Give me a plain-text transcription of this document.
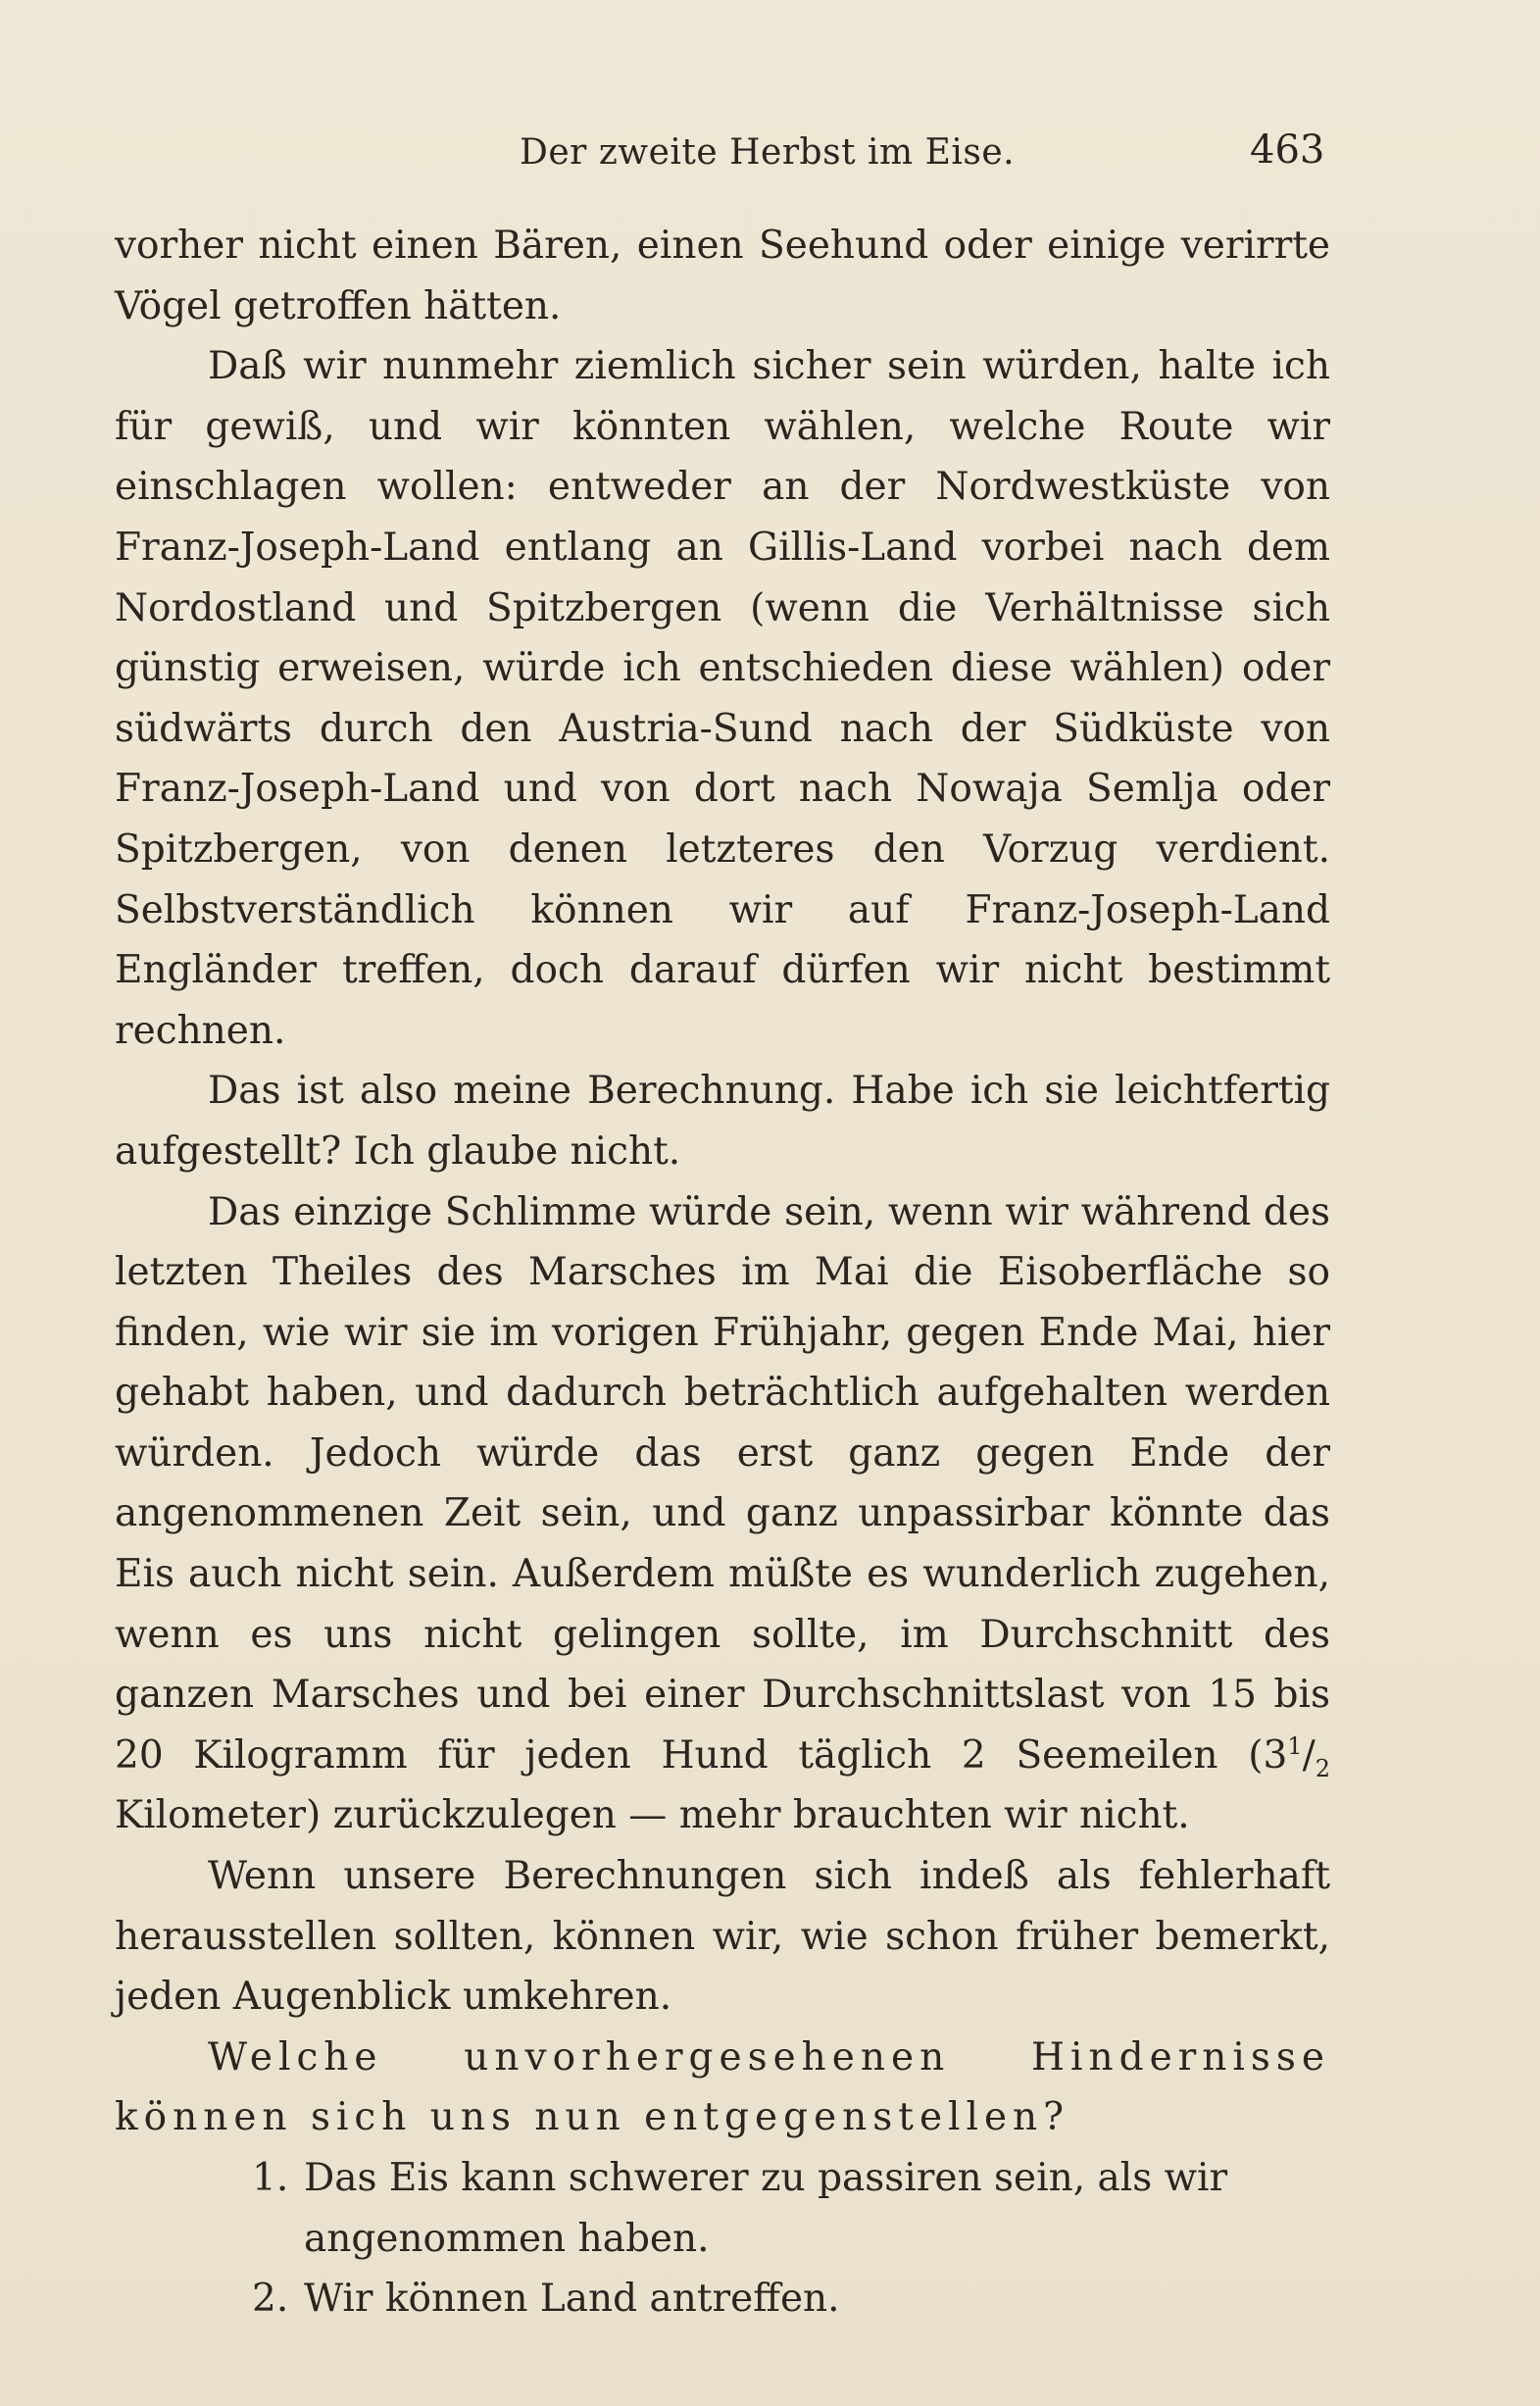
Der zweite Herbst im Eise.	463

vorher nicht einen Bären, einen Seehund oder einige verirrte Vögel getroffen hätten.

Daß wir nunmehr ziemlich sicher sein würden, halte ich für gewiß, und wir könnten wählen, welche Route wir einschlagen wollen: entweder an der Nordwestküste von Franz-Joseph-Land entlang an Gillis-Land vorbei nach dem Nordostland und Spitzbergen (wenn die Verhältnisse sich günstig erweisen, würde ich entschieden diese wählen) oder südwärts durch den Austria-Sund nach der Südküste von Franz-Joseph-Land und von dort nach Nowaja Semlja oder Spitzbergen, von denen letzteres den Vorzug verdient. Selbstverständlich können wir auf Franz-Joseph-Land Engländer treffen, doch darauf dürfen wir nicht bestimmt rechnen.

Das ist also meine Berechnung. Habe ich sie leichtfertig aufgestellt? Ich glaube nicht.

Das einzige Schlimme würde sein, wenn wir während des letzten Theiles des Marsches im Mai die Eisoberfläche so finden, wie wir sie im vorigen Frühjahr, gegen Ende Mai, hier gehabt haben, und dadurch beträchtlich aufgehalten werden würden. Jedoch würde das erst ganz gegen Ende der angenommenen Zeit sein, und ganz unpassirbar könnte das Eis auch nicht sein. Außerdem müßte es wunderlich zugehen, wenn es uns nicht gelingen sollte, im Durchschnitt des ganzen Marsches und bei einer Durchschnittslast von 15 bis 20 Kilogramm für jeden Hund täglich 2 Seemeilen ($3^1/_2$ Kilometer) zurückzulegen — mehr brauchten wir nicht.

Wenn unsere Berechnungen sich indeß als fehlerhaft herausstellen sollten, können wir, wie schon früher bemerkt, jeden Augenblick umkehren.

Welche unvorhergesehenen Hindernisse können sich uns nun entgegenstellen?

1. Das Eis kann schwerer zu passiren sein, als wir angenommen haben.
2. Wir können Land antreffen.
